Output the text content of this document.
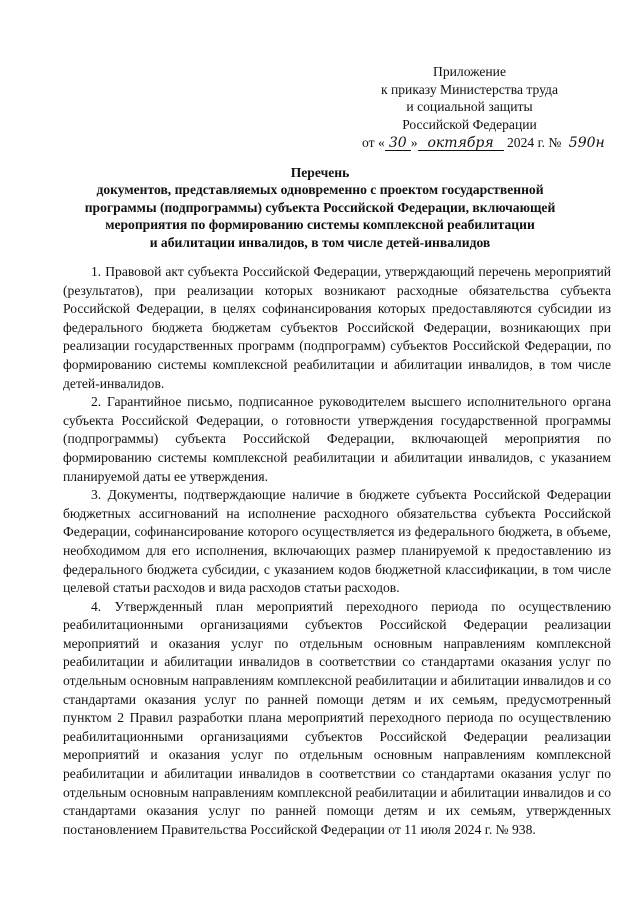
Приложение
к приказу Министерства труда
и социальной защиты
Российской Федерации
от « 30 » октября 2024 г. № 590н
Перечень
документов, представляемых одновременно с проектом государственной
программы (подпрограммы) субъекта Российской Федерации, включающей
мероприятия по формированию системы комплексной реабилитации
и абилитации инвалидов, в том числе детей-инвалидов

1. Правовой акт субъекта Российской Федерации, утверждающий перечень мероприятий (результатов), при реализации которых возникают расходные обязательства субъекта Российской Федерации, в целях софинансирования которых предоставляются субсидии из федерального бюджета бюджетам субъектов Российской Федерации, возникающих при реализации государственных программ (подпрограмм) субъектов Российской Федерации, по формированию системы комплексной реабилитации и абилитации инвалидов, в том числе детей-инвалидов.

2. Гарантийное письмо, подписанное руководителем высшего исполнительного органа субъекта Российской Федерации, о готовности утверждения государственной программы (подпрограммы) субъекта Российской Федерации, включающей мероприятия по формированию системы комплексной реабилитации и абилитации инвалидов, с указанием планируемой даты ее утверждения.

3. Документы, подтверждающие наличие в бюджете субъекта Российской Федерации бюджетных ассигнований на исполнение расходного обязательства субъекта Российской Федерации, софинансирование которого осуществляется из федерального бюджета, в объеме, необходимом для его исполнения, включающих размер планируемой к предоставлению из федерального бюджета субсидии, с указанием кодов бюджетной классификации, в том числе целевой статьи расходов и вида расходов статьи расходов.

4. Утвержденный план мероприятий переходного периода по осуществлению реабилитационными организациями субъектов Российской Федерации реализации мероприятий и оказания услуг по отдельным основным направлениям комплексной реабилитации и абилитации инвалидов в соответствии со стандартами оказания услуг по отдельным основным направлениям комплексной реабилитации и абилитации инвалидов и со стандартами оказания услуг по ранней помощи детям и их семьям, предусмотренный пунктом 2 Правил разработки плана мероприятий переходного периода по осуществлению реабилитационными организациями субъектов Российской Федерации реализации мероприятий и оказания услуг по отдельным основным направлениям комплексной реабилитации и абилитации инвалидов в соответствии со стандартами оказания услуг по отдельным основным направлениям комплексной реабилитации и абилитации инвалидов и со стандартами оказания услуг по ранней помощи детям и их семьям, утвержденных постановлением Правительства Российской Федерации от 11 июля 2024 г. № 938.
